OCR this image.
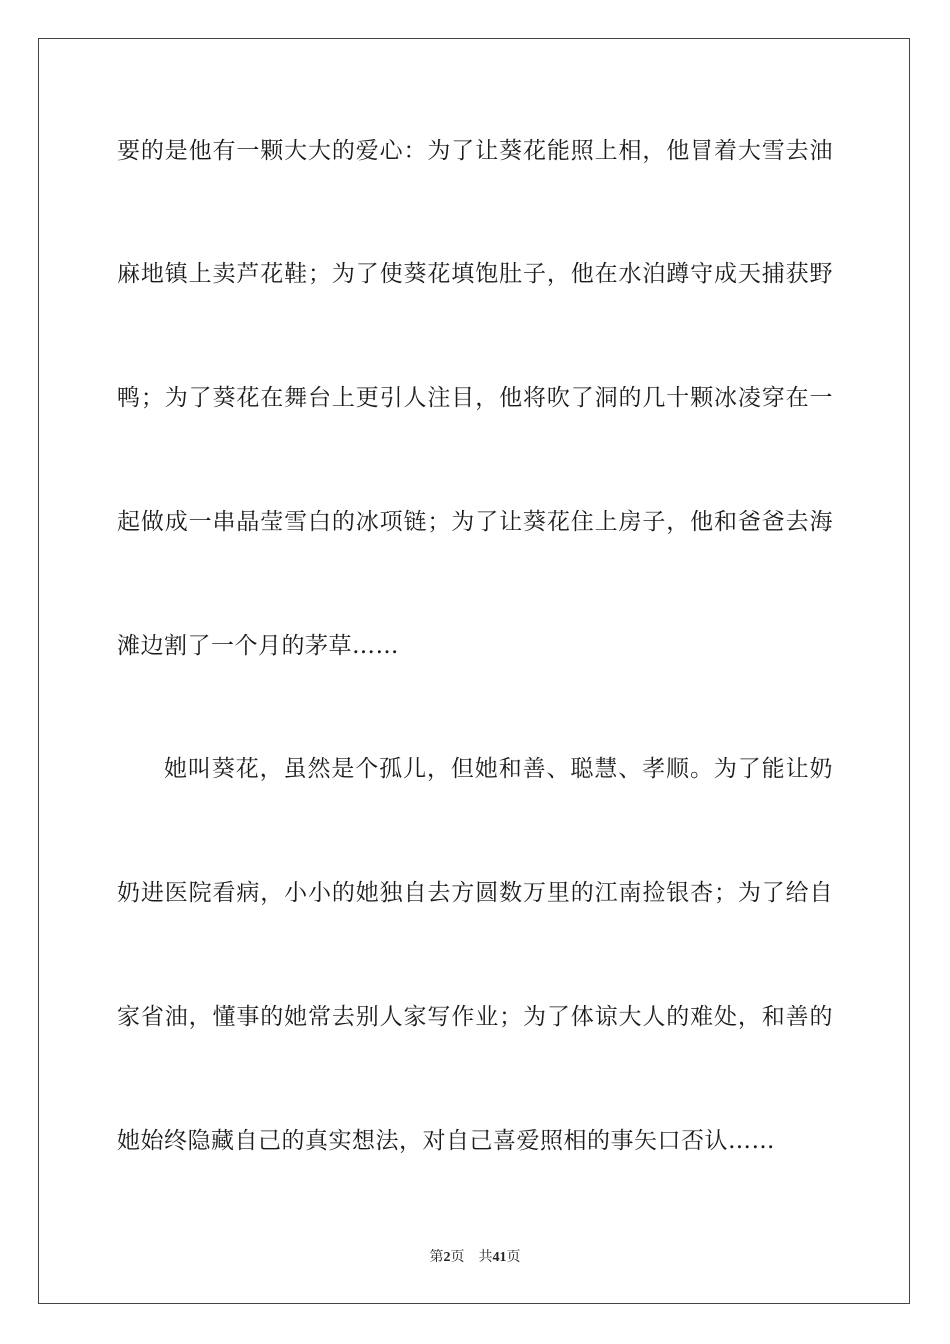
要的是他有一颗大大的爱心：为了让葵花能照上相，他冒着大雪去油
麻地镇上卖芦花鞋；为了使葵花填饱肚子，他在水泊蹲守成天捕获野
鸭；为了葵花在舞台上更引人注目，他将吹了洞的几十颗冰凌穿在一
起做成一串晶莹雪白的冰项链；为了让葵花住上房子，他和爸爸去海
滩边割了一个月的茅草……
她叫葵花，虽然是个孤儿，但她和善、聪慧、孝顺。为了能让奶
奶进医院看病，小小的她独自去方圆数万里的江南捡银杏；为了给自
家省油，懂事的她常去别人家写作业；为了体谅大人的难处，和善的
她始终隐藏自己的真实想法，对自己喜爱照相的事矢口否认……
第2页 共41页
